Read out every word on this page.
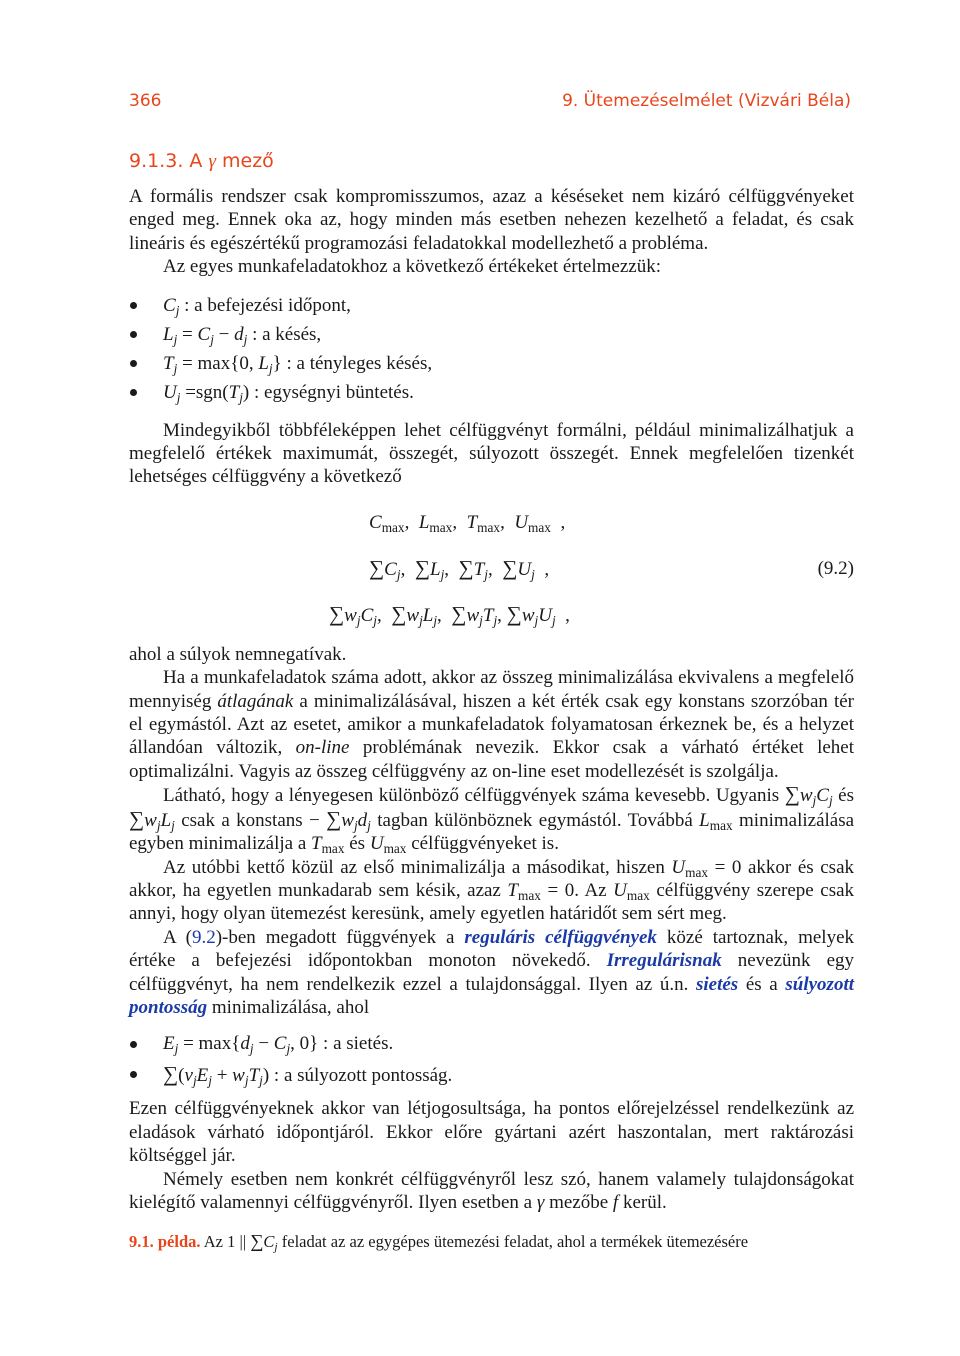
366	9. Ütemezéselmélet (Vizvári Béla)
9.1.3. A γ mező

A formális rendszer csak kompromisszumos, azaz a késéseket nem kizáró célfüggvényeket enged meg. Ennek oka az, hogy minden más esetben nehezen kezelhető a feladat, és csak lineáris és egészértékű programozási feladatokkal modellezhető a probléma.

Az egyes munkafeladatokhoz a következő értékeket értelmezzük:

$C_j$ : a befejezési időpont,
$L_j = C_j - d_j$ : a késés,
$T_j = \max\{0$, $L_j$} : a tényleges késés,
$U_j =sgn(T_j)$ : egységnyi büntetés.

Mindegyikből többféleképpen lehet célfüggvényt formálni, például minimalizálhatjuk a megfelelő értékek maximumát, összegét, súlyozott összegét. Ennek megfelelően tizenkét lehetséges célfüggvény a következő

$C_{max}$,  $L_{max}$,  $T_{max}$,  $U_{max}$  ,
$\sum C_j$,  $\sum L_j$,  $\sum T_j$,  $\sum U_j$  ,	(9.2)
$\sum w_jC_j$,  $\sum w_jL_j$,  $\sum w_jT_j$, $\sum w_jU_j$  ,

ahol a súlyok nemnegatívak.

Ha a munkafeladatok száma adott, akkor az összeg minimalizálása ekvivalens a megfelelő mennyiség átlagának a minimalizálásával, hiszen a két érték csak egy konstans szorzóban tér el egymástól. Azt az esetet, amikor a munkafeladatok folyamatosan érkeznek be, és a helyzet állandóan változik, on-line problémának nevezik. Ekkor csak a várható értéket lehet optimalizálni. Vagyis az összeg célfüggvény az on-line eset modellezését is szolgálja.

Látható, hogy a lényegesen különböző célfüggvények száma kevesebb. Ugyanis $\sum w_jC_j$ és $\sum w_jL_j$ csak a konstans − $\sum w_jd_j$ tagban különböznek egymástól. Továbbá $L_{max}$ minimalizálása egyben minimalizálja a $T_{max}$ és $U_{max}$ célfüggvényeket is.

Az utóbbi kettő közül az első minimalizálja a másodikat, hiszen $U_{max} = 0$ akkor és csak akkor, ha egyetlen munkadarab sem késik, azaz $T_{max} = 0$. Az $U_{max}$ célfüggvény szerepe csak annyi, hogy olyan ütemezést keresünk, amely egyetlen határidőt sem sért meg.

A (9.2)-ben megadott függvények a reguláris célfüggvények közé tartoznak, melyek értéke a befejezési időpontokban monoton növekedő. Irregulárisnak nevezünk egy célfüggvényt, ha nem rendelkezik ezzel a tulajdonsággal. Ilyen az ú.n. sietés és a súlyozott pontosság minimalizálása, ahol

$E_j = \max\{d_j - C_j$, 0} : a sietés.
$\sum(v_jE_j + w_jT_j)$ : a súlyozott pontosság.

Ezen célfüggvényeknek akkor van létjogosultsága, ha pontos előrejelzéssel rendelkezünk az eladások várható időpontjáról. Ekkor előre gyártani azért haszontalan, mert raktározási költséggel jár.

Némely esetben nem konkrét célfüggvényről lesz szó, hanem valamely tulajdonságokat kielégítő valamennyi célfüggvényről. Ilyen esetben a γ mezőbe f kerül.

9.1. példa. Az 1 || $\sum C_j$ feladat az az egygépes ütemezési feladat, ahol a termékek ütemezésére
